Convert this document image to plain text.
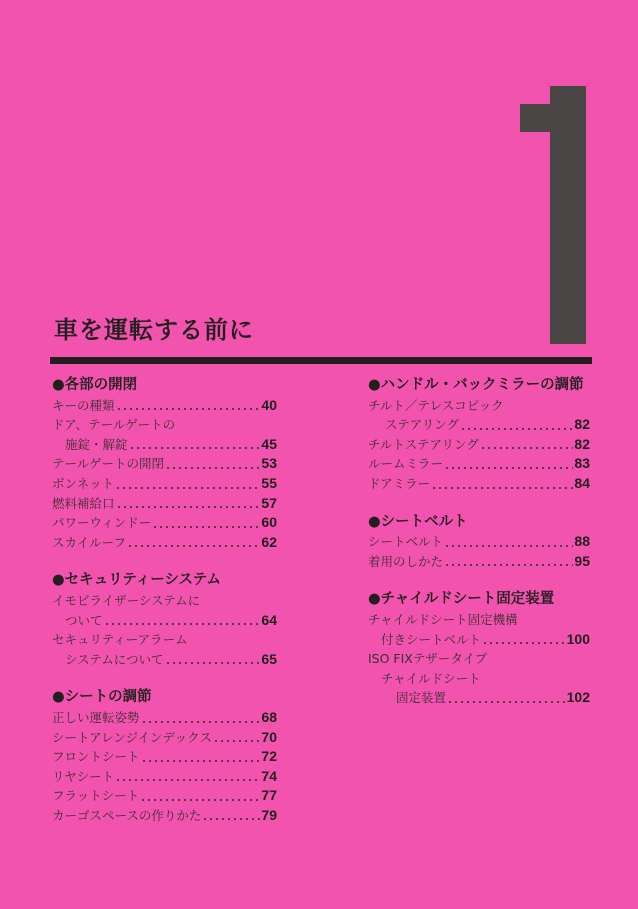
車を運転する前に
● 各部の開閉
キーの種類	40
ドア、テールゲートの
施錠・解錠	45
テールゲートの開閉	53
ボンネット	55
燃料補給口	57
パワーウィンドー	60
スカイルーフ	62
● セキュリティーシステム
イモビライザーシステムに
ついて	64
セキュリティーアラーム
システムについて	65
● シートの調節
正しい運転姿勢	68
シートアレンジインデックス	70
フロントシート	72
リヤシート	74
フラットシート	77
カーゴスペースの作りかた	79
● ハンドル・バックミラーの調節
チルト／テレスコピック
ステアリング	82
チルトステアリング	82
ルームミラー	83
ドアミラー	84
● シートベルト
シートベルト	88
着用のしかた	95
● チャイルドシート固定装置
チャイルドシート固定機構
付きシートベルト	100
ISO FIXテザータイプ
チャイルドシート
固定装置	102
